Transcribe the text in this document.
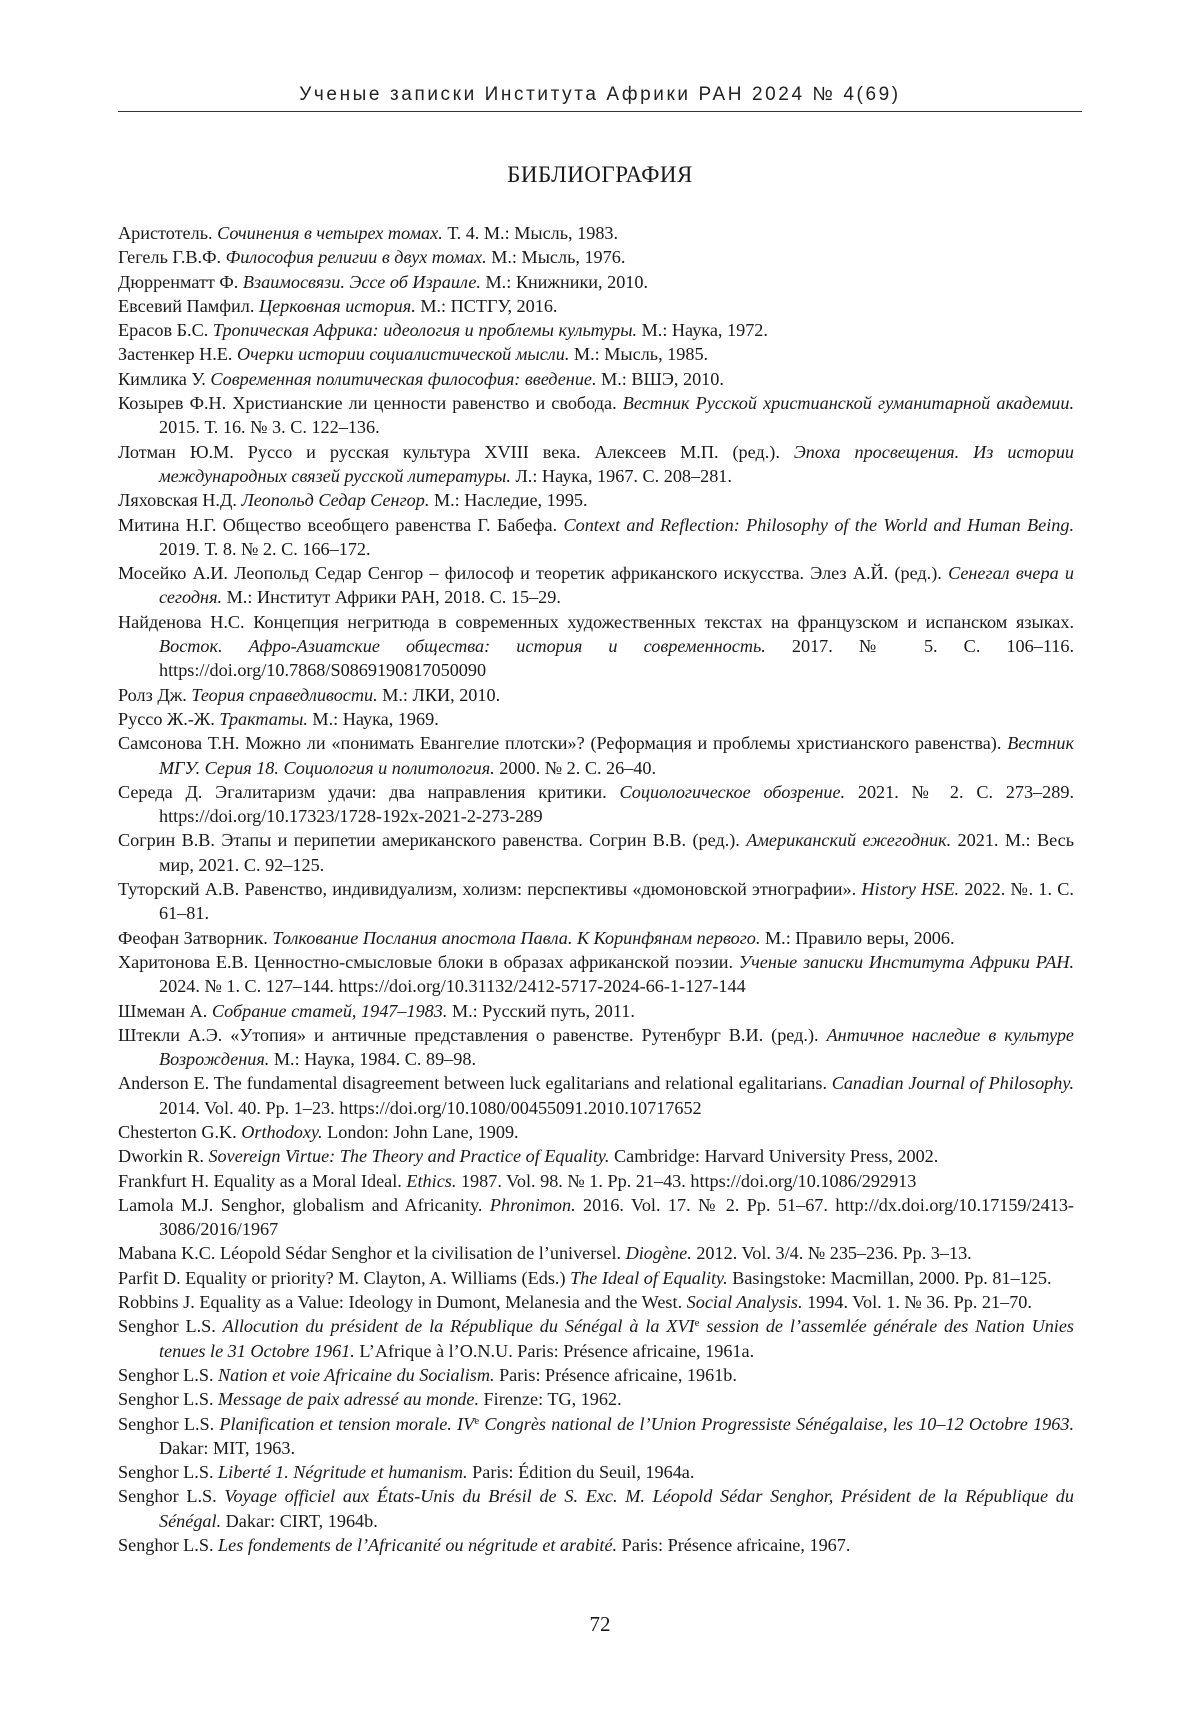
Ученые записки Института Африки РАН 2024 № 4(69)
БИБЛИОГРАФИЯ
Аристотель. Сочинения в четырех томах. Т. 4. М.: Мысль, 1983.
Гегель Г.В.Ф. Философия религии в двух томах. М.: Мысль, 1976.
Дюрренматт Ф. Взаимосвязи. Эссе об Израиле. М.: Книжники, 2010.
Евсевий Памфил. Церковная история. М.: ПСТГУ, 2016.
Ерасов Б.С. Тропическая Африка: идеология и проблемы культуры. М.: Наука, 1972.
Застенкер Н.Е. Очерки истории социалистической мысли. М.: Мысль, 1985.
Кимлика У. Современная политическая философия: введение. М.: ВШЭ, 2010.
Козырев Ф.Н. Христианские ли ценности равенство и свобода. Вестник Русской христианской гуманитарной академии. 2015. Т. 16. № 3. С. 122–136.
Лотман Ю.М. Руссо и русская культура XVIII века. Алексеев М.П. (ред.). Эпоха просвещения. Из истории международных связей русской литературы. Л.: Наука, 1967. С. 208–281.
Ляховская Н.Д. Леопольд Седар Сенгор. М.: Наследие, 1995.
Митина Н.Г. Общество всеобщего равенства Г. Бабефа. Context and Reflection: Philosophy of the World and Human Being. 2019. Т. 8. № 2. С. 166–172.
Мосейко А.И. Леопольд Седар Сенгор – философ и теоретик африканского искусства. Элез А.Й. (ред.). Сенегал вчера и сегодня. М.: Институт Африки РАН, 2018. С. 15–29.
Найденова Н.С. Концепция негритюда в современных художественных текстах на французском и испанском языках. Восток. Афро-Азиатские общества: история и современность. 2017. № 5. С. 106–116. https://doi.org/10.7868/S0869190817050090
Ролз Дж. Теория справедливости. М.: ЛКИ, 2010.
Руссо Ж.-Ж. Трактаты. М.: Наука, 1969.
Самсонова Т.Н. Можно ли «понимать Евангелие плотски»? (Реформация и проблемы христианского равенства). Вестник МГУ. Серия 18. Социология и политология. 2000. № 2. С. 26–40.
Середа Д. Эгалитаризм удачи: два направления критики. Социологическое обозрение. 2021. № 2. С. 273–289. https://doi.org/10.17323/1728-192x-2021-2-273-289
Согрин В.В. Этапы и перипетии американского равенства. Согрин В.В. (ред.). Американский ежегодник. 2021. М.: Весь мир, 2021. С. 92–125.
Туторский А.В. Равенство, индивидуализм, холизм: перспективы «дюмоновской этнографии». History HSE. 2022. №. 1. С. 61–81.
Феофан Затворник. Толкование Послания апостола Павла. К Коринфянам первого. М.: Правило веры, 2006.
Харитонова Е.В. Ценностно-смысловые блоки в образах африканской поэзии. Ученые записки Института Африки РАН. 2024. № 1. С. 127–144. https://doi.org/10.31132/2412-5717-2024-66-1-127-144
Шмеман А. Собрание статей, 1947–1983. М.: Русский путь, 2011.
Штекли А.Э. «Утопия» и античные представления о равенстве. Рутенбург В.И. (ред.). Античное наследие в культуре Возрождения. М.: Наука, 1984. С. 89–98.
Anderson E. The fundamental disagreement between luck egalitarians and relational egalitarians. Canadian Journal of Philosophy. 2014. Vol. 40. Pp. 1–23. https://doi.org/10.1080/00455091.2010.10717652
Chesterton G.K. Orthodoxy. London: John Lane, 1909.
Dworkin R. Sovereign Virtue: The Theory and Practice of Equality. Cambridge: Harvard University Press, 2002.
Frankfurt H. Equality as a Moral Ideal. Ethics. 1987. Vol. 98. № 1. Pp. 21–43. https://doi.org/10.1086/292913
Lamola M.J. Senghor, globalism and Africanity. Phronimon. 2016. Vol. 17. № 2. Pp. 51–67. http://dx.doi.org/10.17159/2413-3086/2016/1967
Mabana K.C. Léopold Sédar Senghor et la civilisation de l’universel. Diogène. 2012. Vol. 3/4. № 235–236. Pp. 3–13.
Parfit D. Equality or priority? M. Clayton, A. Williams (Eds.) The Ideal of Equality. Basingstoke: Macmillan, 2000. Pp. 81–125.
Robbins J. Equality as a Value: Ideology in Dumont, Melanesia and the West. Social Analysis. 1994. Vol. 1. № 36. Pp. 21–70.
Senghor L.S. Allocution du président de la République du Sénégal à la XVIe session de l’assemlée générale des Nation Unies tenues le 31 Octobre 1961. L’Afrique à l’O.N.U. Paris: Présence africaine, 1961a.
Senghor L.S. Nation et voie Africaine du Socialism. Paris: Présence africaine, 1961b.
Senghor L.S. Message de paix adressé au monde. Firenze: TG, 1962.
Senghor L.S. Planification et tension morale. IVe Congrès national de l’Union Progressiste Sénégalaise, les 10–12 Octobre 1963. Dakar: MIT, 1963.
Senghor L.S. Liberté 1. Négritude et humanism. Paris: Édition du Seuil, 1964a.
Senghor L.S. Voyage officiel aux États-Unis du Brésil de S. Exc. M. Léopold Sédar Senghor, Président de la République du Sénégal. Dakar: CIRT, 1964b.
Senghor L.S. Les fondements de l’Africanité ou négritude et arabité. Paris: Présence africaine, 1967.
72
